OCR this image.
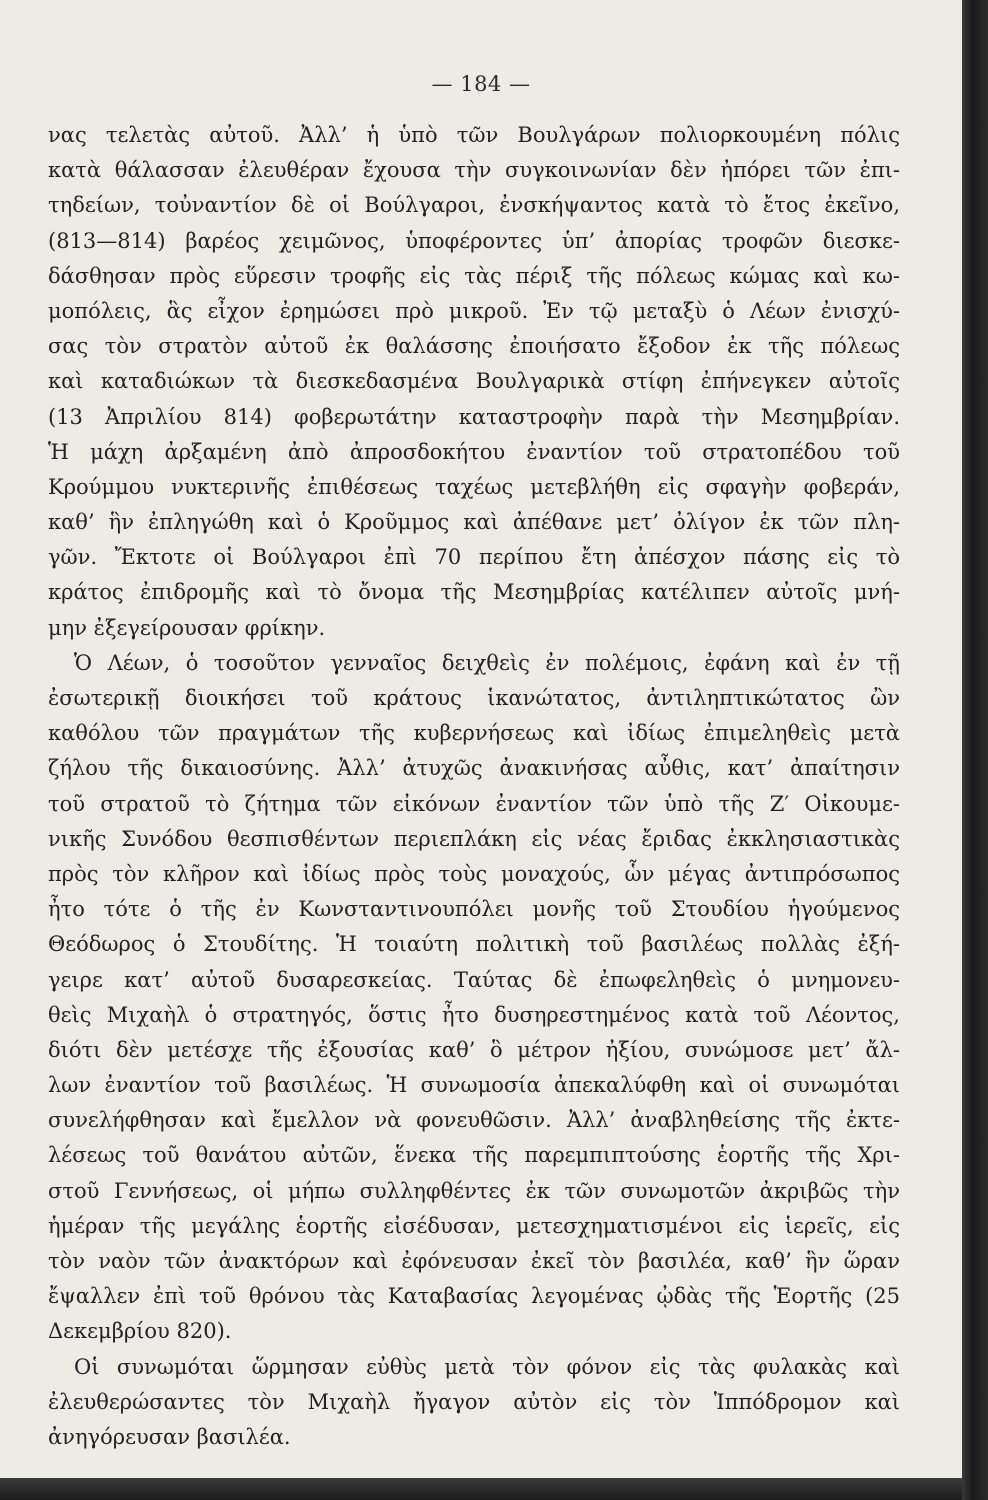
— 184 —
νας τελετὰς αὐτοῦ. Ἀλλ’ ἡ ὑπὸ τῶν Βουλγάρων πολιορκουμένη πόλις
κατὰ θάλασσαν ἐλευθέραν ἔχουσα τὴν συγκοινωνίαν δὲν ἠπόρει τῶν ἐπι-
τηδείων, τοὐναντίον δὲ οἱ Βούλγαροι, ἐνσκήψαντος κατὰ τὸ ἔτος ἐκεῖνο,
(813—814) βαρέος χειμῶνος, ὑποφέροντες ὑπ’ ἀπορίας τροφῶν διεσκε-
δάσθησαν πρὸς εὕρεσιν τροφῆς εἰς τὰς πέριξ τῆς πόλεως κώμας καὶ κω-
μοπόλεις, ἃς εἶχον ἐρημώσει πρὸ μικροῦ. Ἐν τῷ μεταξὺ ὁ Λέων ἐνισχύ-
σας τὸν στρατὸν αὐτοῦ ἐκ θαλάσσης ἐποιήσατο ἔξοδον ἐκ τῆς πόλεως
καὶ καταδιώκων τὰ διεσκεδασμένα Βουλγαρικὰ στίφη ἐπήνεγκεν αὐτοῖς
(13 Ἀπριλίου 814) φοβερωτάτην καταστροφὴν παρὰ τὴν Μεσημβρίαν.
Ἡ μάχη ἀρξαμένη ἀπὸ ἀπροσδοκήτου ἐναντίον τοῦ στρατοπέδου τοῦ
Κρούμμου νυκτερινῆς ἐπιθέσεως ταχέως μετεβλήθη εἰς σφαγὴν φοβεράν,
καθ’ ἣν ἐπληγώθη καὶ ὁ Κροῦμμος καὶ ἀπέθανε μετ’ ὀλίγον ἐκ τῶν πλη-
γῶν. Ἔκτοτε οἱ Βούλγαροι ἐπὶ 70 περίπου ἔτη ἀπέσχον πάσης εἰς τὸ
κράτος ἐπιδρομῆς καὶ τὸ ὄνομα τῆς Μεσημβρίας κατέλιπεν αὐτοῖς μνή-
μην ἐξεγείρουσαν φρίκην.
Ὁ Λέων, ὁ τοσοῦτον γενναῖος δειχθεὶς ἐν πολέμοις, ἐφάνη καὶ ἐν τῇ
ἐσωτερικῇ διοικήσει τοῦ κράτους ἱκανώτατος, ἀντιληπτικώτατος ὢν
καθόλου τῶν πραγμάτων τῆς κυβερνήσεως καὶ ἰδίως ἐπιμεληθεὶς μετὰ
ζήλου τῆς δικαιοσύνης. Ἀλλ’ ἀτυχῶς ἀνακινήσας αὖθις, κατ’ ἀπαίτησιν
τοῦ στρατοῦ τὸ ζήτημα τῶν εἰκόνων ἐναντίον τῶν ὑπὸ τῆς Ζ′ Οἰκουμε-
νικῆς Συνόδου θεσπισθέντων περιεπλάκη εἰς νέας ἔριδας ἐκκλησιαστικὰς
πρὸς τὸν κλῆρον καὶ ἰδίως πρὸς τοὺς μοναχούς, ὧν μέγας ἀντιπρόσωπος
ἦτο τότε ὁ τῆς ἐν Κωνσταντινουπόλει μονῆς τοῦ Στουδίου ἡγούμενος
Θεόδωρος ὁ Στουδίτης. Ἡ τοιαύτη πολιτικὴ τοῦ βασιλέως πολλὰς ἐξή-
γειρε κατ’ αὐτοῦ δυσαρεσκείας. Ταύτας δὲ ἐπωφεληθεὶς ὁ μνημονευ-
θεὶς Μιχαὴλ ὁ στρατηγός, ὅστις ἦτο δυσηρεστημένος κατὰ τοῦ Λέοντος,
διότι δὲν μετέσχε τῆς ἐξουσίας καθ’ ὃ μέτρον ἠξίου, συνώμοσε μετ’ ἄλ-
λων ἐναντίον τοῦ βασιλέως. Ἡ συνωμοσία ἀπεκαλύφθη καὶ οἱ συνωμόται
συνελήφθησαν καὶ ἔμελλον νὰ φονευθῶσιν. Ἀλλ’ ἀναβληθείσης τῆς ἐκτε-
λέσεως τοῦ θανάτου αὐτῶν, ἕνεκα τῆς παρεμπιπτούσης ἑορτῆς τῆς Χρι-
στοῦ Γεννήσεως, οἱ μήπω συλληφθέντες ἐκ τῶν συνωμοτῶν ἀκριβῶς τὴν
ἡμέραν τῆς μεγάλης ἑορτῆς εἰσέδυσαν, μετεσχηματισμένοι εἰς ἱερεῖς, εἰς
τὸν ναὸν τῶν ἀνακτόρων καὶ ἐφόνευσαν ἐκεῖ τὸν βασιλέα, καθ’ ἣν ὥραν
ἔψαλλεν ἐπὶ τοῦ θρόνου τὰς Καταβασίας λεγομένας ᾠδὰς τῆς Ἑορτῆς (25
Δεκεμβρίου 820).
Οἱ συνωμόται ὥρμησαν εὐθὺς μετὰ τὸν φόνον εἰς τὰς φυλακὰς καὶ
ἐλευθερώσαντες τὸν Μιχαὴλ ἤγαγον αὐτὸν εἰς τὸν Ἱππόδρομον καὶ
ἀνηγόρευσαν βασιλέα.
